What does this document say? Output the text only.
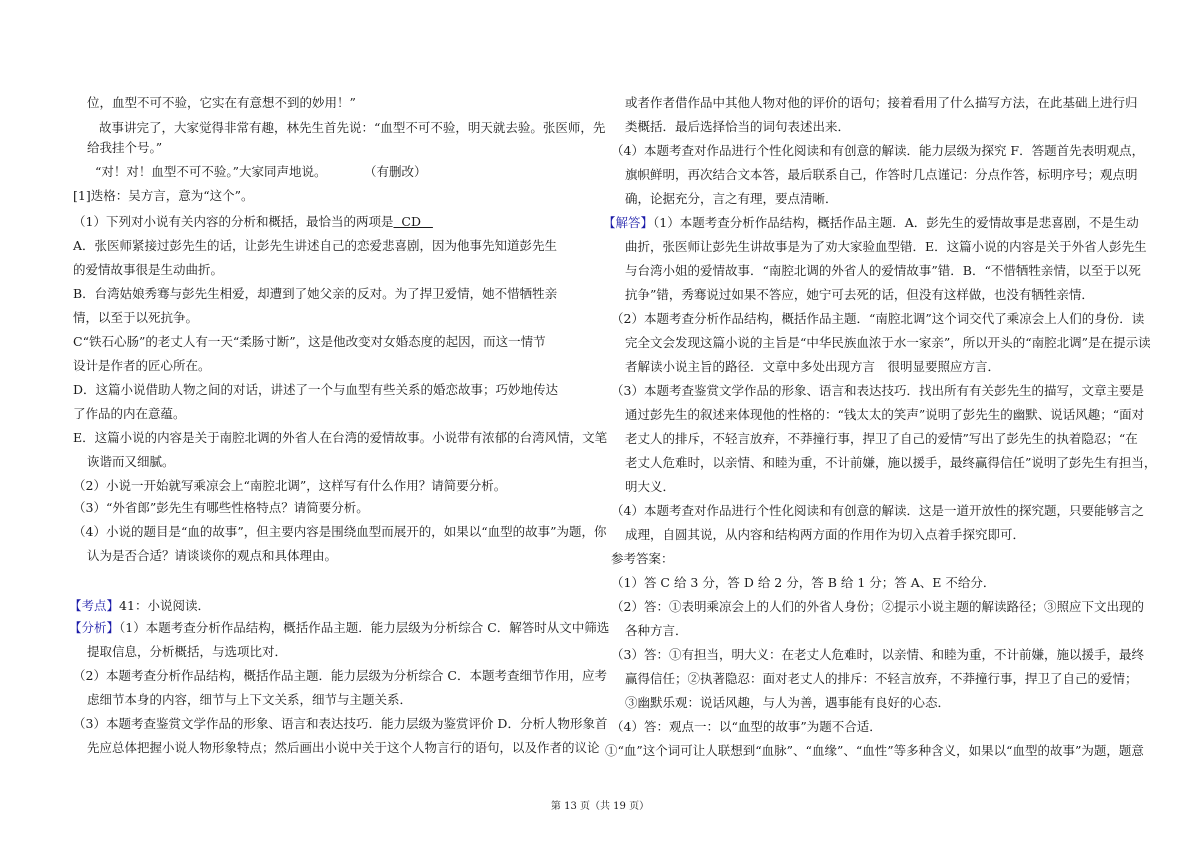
位，血型不可不验，它实在有意想不到的妙用！”
故事讲完了，大家觉得非常有趣，林先生首先说：“血型不可不验，明天就去验。张医师，先
给我挂个号。”
“对！对！血型不可不验。”大家同声地说。　　　　（有删改）
[1]迭格：吴方言，意为“这个”。
（1）下列对小说有关内容的分析和概括，最恰当的两项是  CD
A．张医师紧接过彭先生的话，让彭先生讲述自己的恋爱悲喜剧，因为他事先知道彭先生
的爱情故事很是生动曲折。
B．台湾姑娘秀骞与彭先生相爱，却遭到了她父亲的反对。为了捍卫爱情，她不惜牺牲亲
情，以至于以死抗争。
C“铁石心肠”的老丈人有一天“柔肠寸断”，这是他改变对女婚态度的起因，而这一情节
设计是作者的匠心所在。
D．这篇小说借助人物之间的对话，讲述了一个与血型有些关系的婚恋故事；巧妙地传达
了作品的内在意蕴。
E．这篇小说的内容是关于南腔北调的外省人在台湾的爱情故事。小说带有浓郁的台湾风情，文笔
诙谐而又细腻。
（2）小说一开始就写乘凉会上“南腔北调”，这样写有什么作用？请简要分析。
（3）“外省郎”彭先生有哪些性格特点？请简要分析。
（4）小说的题目是“血的故事”，但主要内容是围绕血型而展开的，如果以“血型的故事”为题，你
认为是否合适？请谈谈你的观点和具体理由。
【考点】41：小说阅读．
【分析】（1）本题考查分析作品结构，概括作品主题．能力层级为分析综合 C．解答时从文中筛选
提取信息，分析概括，与选项比对．
（2）本题考查分析作品结构，概括作品主题．能力层级为分析综合 C．本题考查细节作用，应考
虑细节本身的内容，细节与上下文关系，细节与主题关系．
（3）本题考查鉴赏文学作品的形象、语言和表达技巧．能力层级为鉴赏评价 D．分析人物形象首
先应总体把握小说人物形象特点；然后画出小说中关于这个人物言行的语句，以及作者的议论
或者作者借作品中其他人物对他的评价的语句；接着看用了什么描写方法，在此基础上进行归
类概括．最后选择恰当的词句表述出来．
（4）本题考查对作品进行个性化阅读和有创意的解读．能力层级为探究 F．答题首先表明观点，
旗帜鲜明，再次结合文本答，最后联系自己，作答时几点谨记：分点作答，标明序号；观点明
确，论据充分，言之有理，要点清晰．
【解答】（1）本题考查分析作品结构，概括作品主题．A．彭先生的爱情故事是悲喜剧，不是生动
曲折，张医师让彭先生讲故事是为了劝大家验血型错．E．这篇小说的内容是关于外省人彭先生
与台湾小姐的爱情故事．“南腔北调的外省人的爱情故事”错．B．“不惜牺牲亲情，以至于以死
抗争”错，秀骞说过如果不答应，她宁可去死的话，但没有这样做，也没有牺牲亲情．
（2）本题考查分析作品结构，概括作品主题．“南腔北调”这个词交代了乘凉会上人们的身份．读
完全文会发现这篇小说的主旨是“中华民族血浓于水一家亲”，所以开头的“南腔北调”是在提示读
者解读小说主旨的路径．文章中多处出现方言　很明显要照应方言．
（3）本题考查鉴赏文学作品的形象、语言和表达技巧．找出所有有关彭先生的描写，文章主要是
通过彭先生的叙述来体现他的性格的：“钱太太的笑声”说明了彭先生的幽默、说话风趣；“面对
老丈人的排斥，不轻言放弃，不莽撞行事，捍卫了自己的爱情”写出了彭先生的执着隐忍；“在
老丈人危难时，以亲情、和睦为重，不计前嫌，施以援手，最终赢得信任”说明了彭先生有担当，
明大义．
（4）本题考查对作品进行个性化阅读和有创意的解读．这是一道开放性的探究题，只要能够言之
成理，自圆其说，从内容和结构两方面的作用作为切入点着手探究即可．
参考答案：
（1）答 C 给 3 分，答 D 给 2 分，答 B 给 1 分；答 A、E 不给分．
（2）答：①表明乘凉会上的人们的外省人身份；②提示小说主题的解读路径；③照应下文出现的
各种方言．
（3）答：①有担当，明大义：在老丈人危难时，以亲情、和睦为重，不计前嫌，施以援手，最终
赢得信任；②执著隐忍：面对老丈人的排斥：不轻言放弃，不莽撞行事，捍卫了自己的爱情；
③幽默乐观：说话风趣，与人为善，遇事能有良好的心态．
（4）答：观点一：以“血型的故事”为题不合适．
①“血”这个词可让人联想到“血脉”、“血缘”、“血性”等多种含义，如果以“血型的故事”为题，题意
第 13 页（共 19 页）
